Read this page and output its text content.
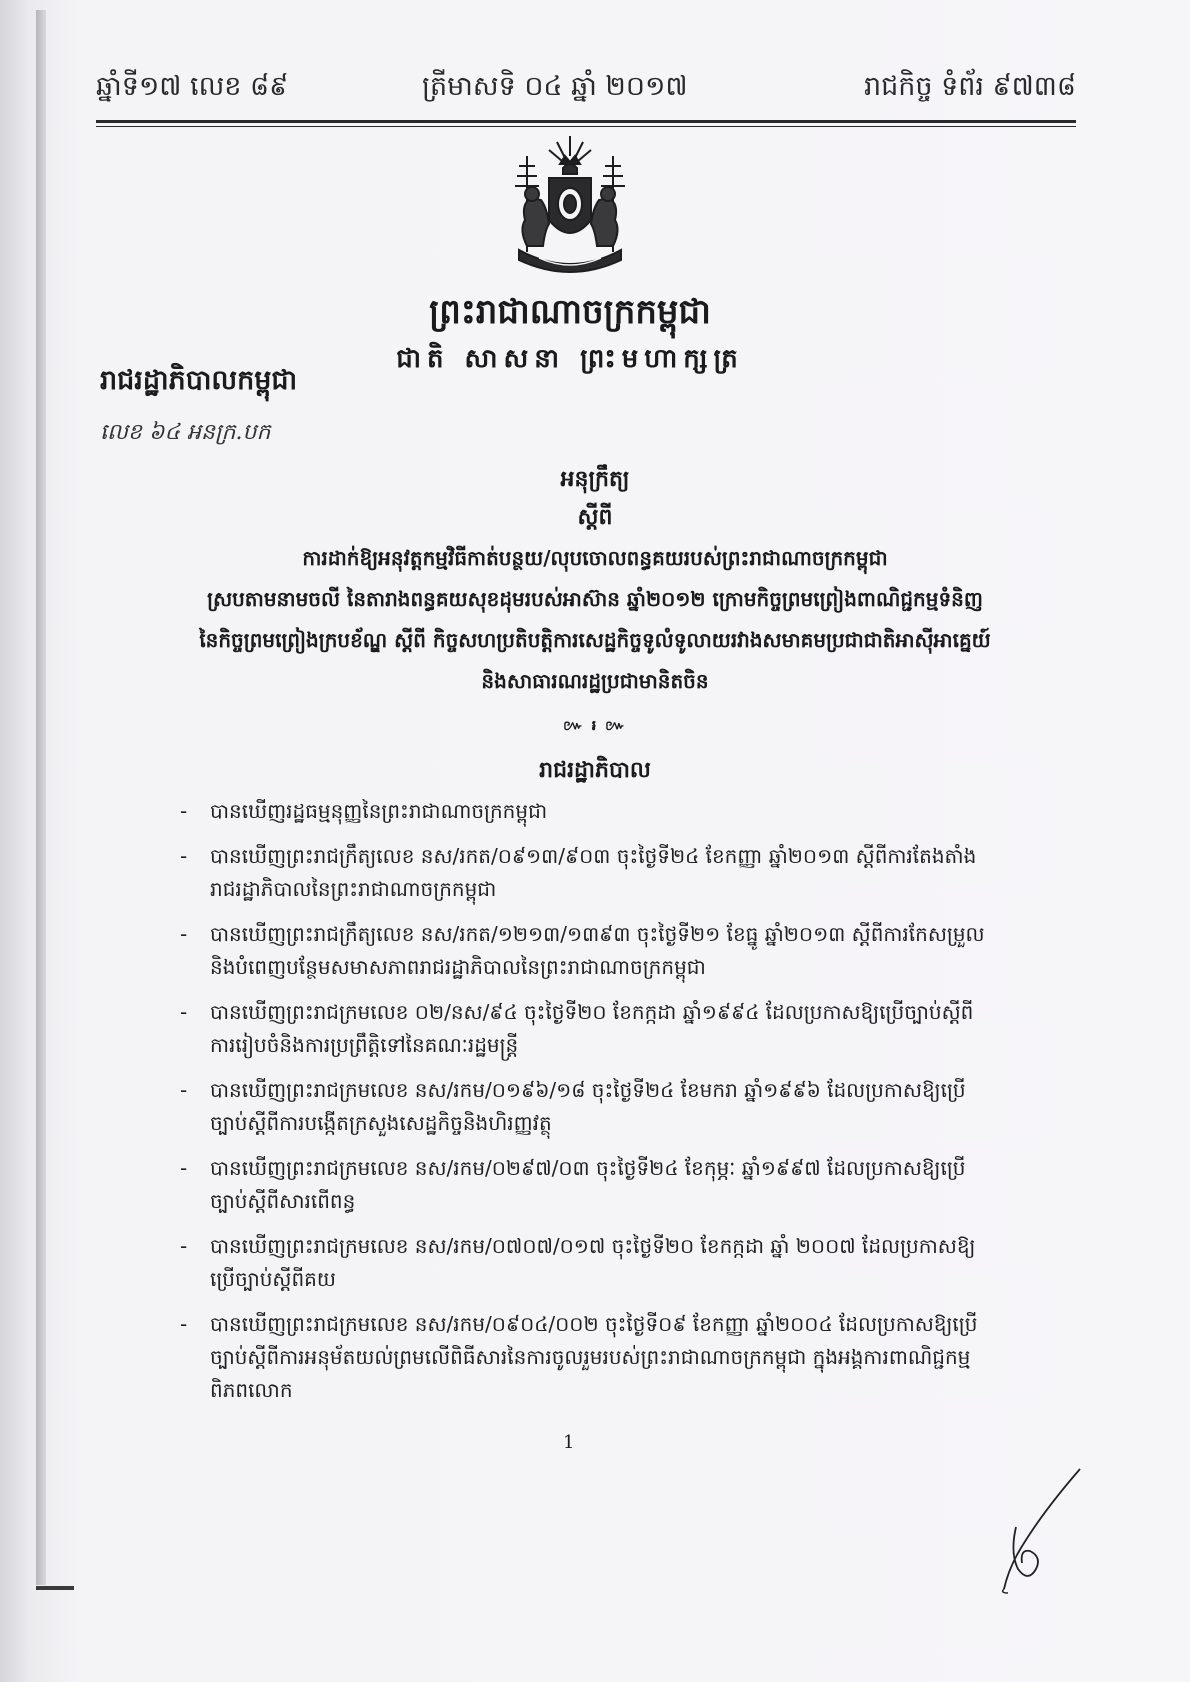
ឆ្នាំទី១៧ លេខ ៨៩	ត្រីមាសទិ ០៤ ឆ្នាំ ២០១៧	រាជកិច្ច ទំព័រ ៩៧៣៨
ព្រះរាជាណាចក្រកម្ពុជា
ជាតិ សាសនា ព្រះមហាក្សត្រ
រាជរដ្ឋាភិបាលកម្ពុជា
លេខ ៦៤ អនក្រ.បក
អនុក្រឹត្យ
ស្តីពី
ការដាក់ឱ្យអនុវត្តកម្មវិធីកាត់បន្ថយ/លុបចោលពន្ធគយរបស់ព្រះរាជាណាចក្រកម្ពុជា
ស្របតាមនាមចលី នៃតារាងពន្ធគយសុខដុមរបស់អាស៊ាន ឆ្នាំ២០១២ ក្រោមកិច្ចព្រមព្រៀងពាណិជ្ជកម្មទំនិញ
នៃកិច្ចព្រមព្រៀងក្របខ័ណ្ឌ ស្តីពី កិច្ចសហប្រតិបត្តិការសេដ្ឋកិច្ចទូលំទូលាយរវាងសមាគមប្រជាជាតិអាស៊ីអាគ្នេយ៍
និងសាធារណរដ្ឋប្រជាមានិតចិន
៚ ៛ ៚
រាជរដ្ឋាភិបាល
- បានឃើញរដ្ឋធម្មនុញ្ញនៃព្រះរាជាណាចក្រកម្ពុជា
- បានឃើញព្រះរាជក្រឹត្យលេខ នស/រកត/០៩១៣/៩០៣ ចុះថ្ងៃទី២៤ ខែកញ្ញា ឆ្នាំ២០១៣ ស្តីពីការតែងតាំងរាជរដ្ឋាភិបាលនៃព្រះរាជាណាចក្រកម្ពុជា
- បានឃើញព្រះរាជក្រឹត្យលេខ នស/រកត/១២១៣/១៣៩៣ ចុះថ្ងៃទី២១ ខែធ្នូ ឆ្នាំ២០១៣ ស្តីពីការកែសម្រួលនិងបំពេញបន្ថែមសមាសភាពរាជរដ្ឋាភិបាលនៃព្រះរាជាណាចក្រកម្ពុជា
- បានឃើញព្រះរាជក្រមលេខ ០២/នស/៩៤ ចុះថ្ងៃទី២០ ខែកក្កដា ឆ្នាំ១៩៩៤ ដែលប្រកាសឱ្យប្រើច្បាប់ស្តីពីការរៀបចំនិងការប្រព្រឹត្តិទៅនៃគណៈរដ្ឋមន្ត្រី
- បានឃើញព្រះរាជក្រមលេខ នស/រកម/០១៩៦/១៨ ចុះថ្ងៃទី២៤ ខែមករា ឆ្នាំ១៩៩៦ ដែលប្រកាសឱ្យប្រើច្បាប់ស្តីពីការបង្កើតក្រសួងសេដ្ឋកិច្ចនិងហិរញ្ញវត្ថុ
- បានឃើញព្រះរាជក្រមលេខ នស/រកម/០២៩៧/០៣ ចុះថ្ងៃទី២៤ ខែកុម្ភៈ ឆ្នាំ១៩៩៧ ដែលប្រកាសឱ្យប្រើច្បាប់ស្តីពីសារពើពន្ធ
- បានឃើញព្រះរាជក្រមលេខ នស/រកម/០៧០៧/០១៧ ចុះថ្ងៃទី២០ ខែកក្កដា ឆ្នាំ ២០០៧ ដែលប្រកាសឱ្យប្រើច្បាប់ស្តីពីគយ
- បានឃើញព្រះរាជក្រមលេខ នស/រកម/០៩០៤/០០២ ចុះថ្ងៃទី០៩ ខែកញ្ញា ឆ្នាំ២០០៤ ដែលប្រកាសឱ្យប្រើច្បាប់ស្តីពីការអនុម័តយល់ព្រមលើពិធីសារនៃការចូលរួមរបស់ព្រះរាជាណាចក្រកម្ពុជា ក្នុងអង្គការពាណិជ្ជកម្មពិភពលោក
1
